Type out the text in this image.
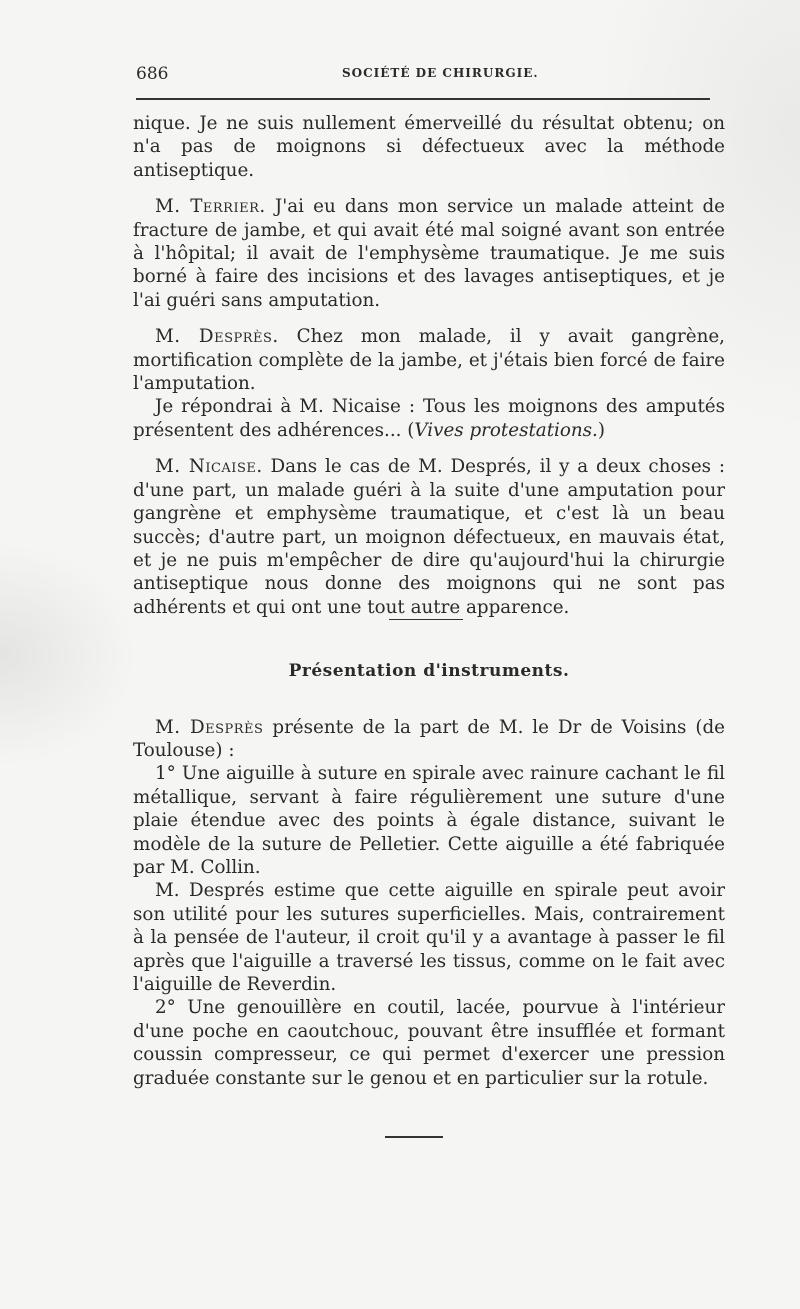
686	SOCIÉTÉ DE CHIRURGIE.

nique. Je ne suis nullement émerveillé du résultat obtenu; on n'a pas de moignons si défectueux avec la méthode antiseptique.

M. Terrier. J'ai eu dans mon service un malade atteint de fracture de jambe, et qui avait été mal soigné avant son entrée à l'hôpital; il avait de l'emphysème traumatique. Je me suis borné à faire des incisions et des lavages antiseptiques, et je l'ai guéri sans amputation.

M. Desprès. Chez mon malade, il y avait gangrène, mortification complète de la jambe, et j'étais bien forcé de faire l'amputation.

Je répondrai à M. Nicaise : Tous les moignons des amputés présentent des adhérences... (Vives protestations.)

M. Nicaise. Dans le cas de M. Després, il y a deux choses : d'une part, un malade guéri à la suite d'une amputation pour gangrène et emphysème traumatique, et c'est là un beau succès; d'autre part, un moignon défectueux, en mauvais état, et je ne puis m'empêcher de dire qu'aujourd'hui la chirurgie antiseptique nous donne des moignons qui ne sont pas adhérents et qui ont une tout autre apparence.

Présentation d'instruments.

M. Desprès présente de la part de M. le Dr de Voisins (de Toulouse) :

1° Une aiguille à suture en spirale avec rainure cachant le fil métallique, servant à faire régulièrement une suture d'une plaie étendue avec des points à égale distance, suivant le modèle de la suture de Pelletier. Cette aiguille a été fabriquée par M. Collin.

M. Després estime que cette aiguille en spirale peut avoir son utilité pour les sutures superficielles. Mais, contrairement à la pensée de l'auteur, il croit qu'il y a avantage à passer le fil après que l'aiguille a traversé les tissus, comme on le fait avec l'aiguille de Reverdin.

2° Une genouillère en coutil, lacée, pourvue à l'intérieur d'une poche en caoutchouc, pouvant être insufflée et formant coussin compresseur, ce qui permet d'exercer une pression graduée constante sur le genou et en particulier sur la rotule.
